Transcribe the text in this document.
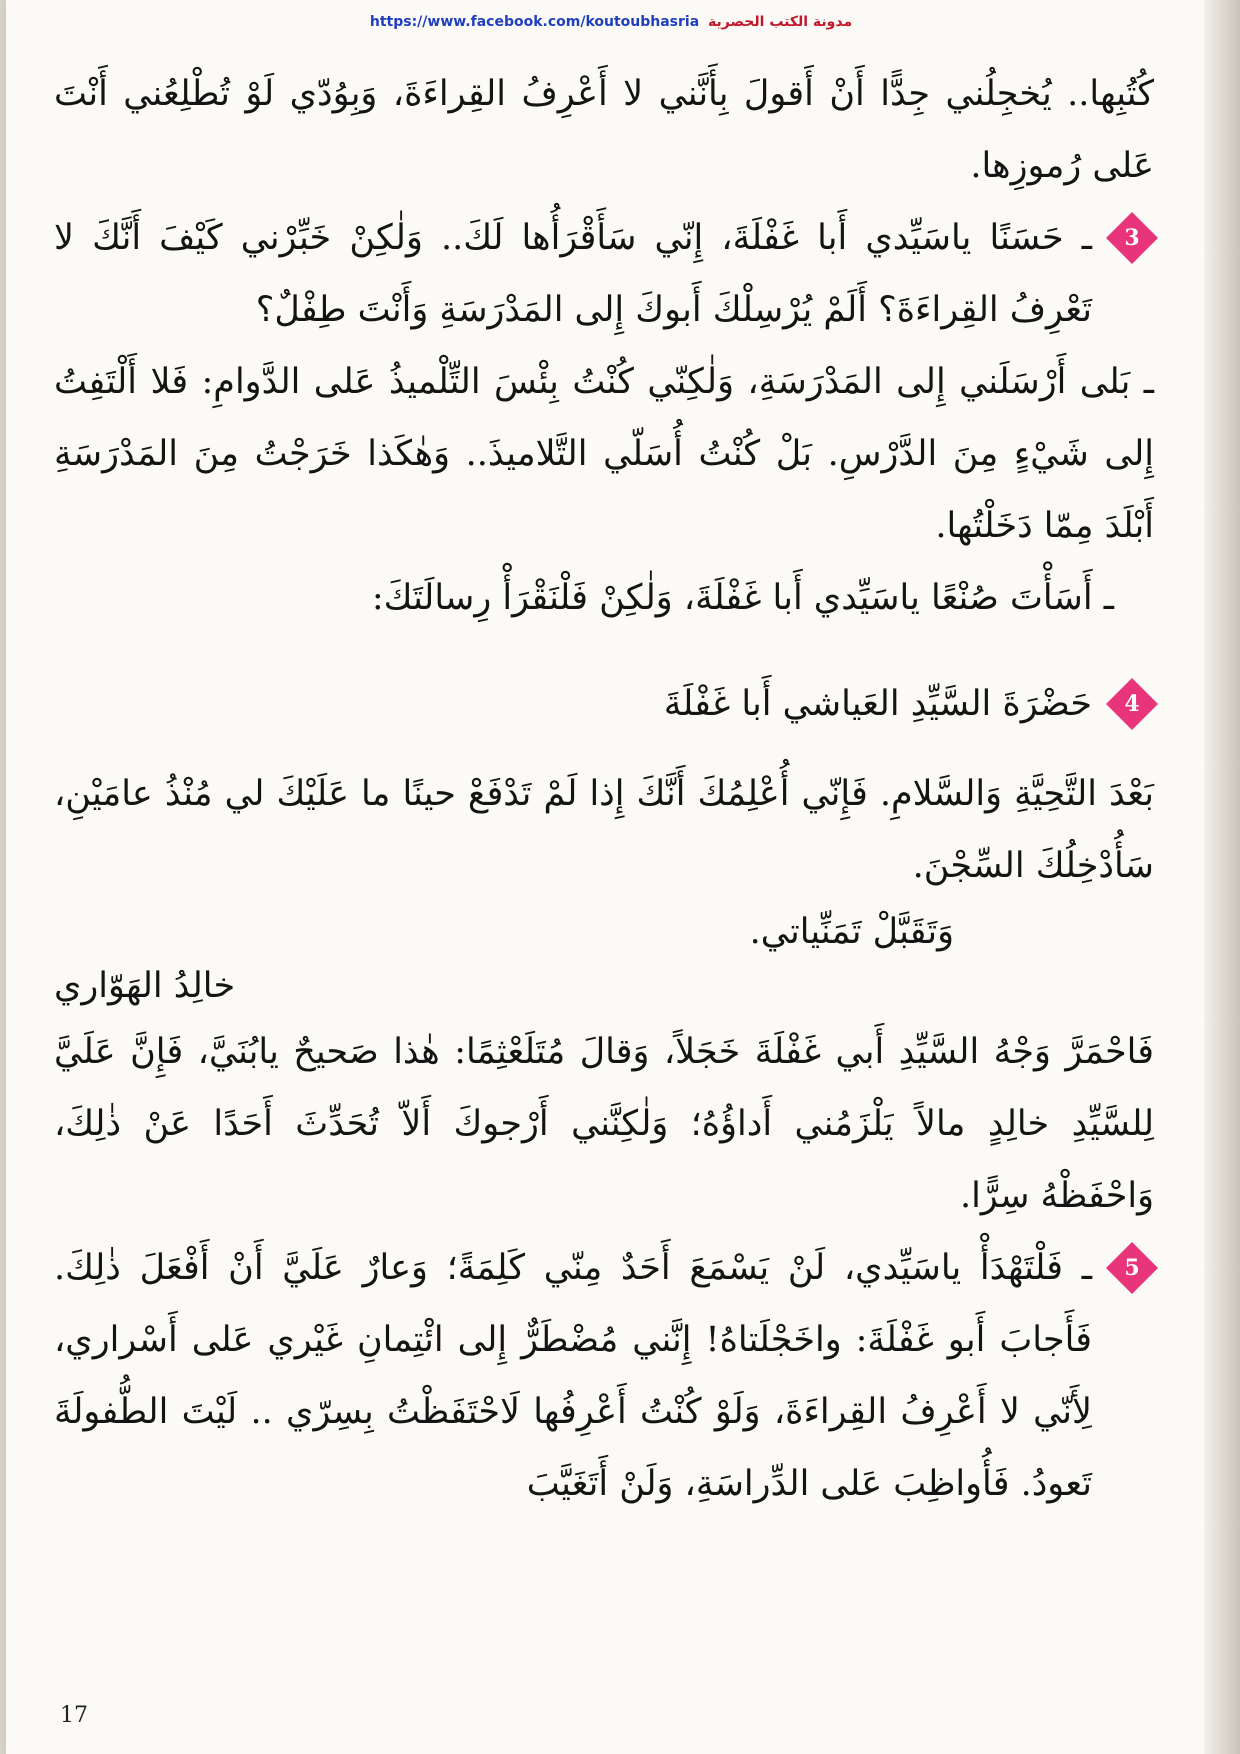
https://www.facebook.com/koutoubhasria مدونة الكتب الحصرية

كُتُبِها.. يُخجِلُني جِدًّا أَنْ أَقولَ بِأَنَّني لا أَعْرِفُ القِراءَةَ، وَبِوُدّي لَوْ تُطْلِعُني أَنْتَ عَلى رُموزِها.

3

ـ حَسَنًا ياسَيِّدي أَبا غَفْلَةَ، إِنّي سَأَقْرَأُها لَكَ.. وَلٰكِنْ خَبِّرْني كَيْفَ أَنَّكَ لا تَعْرِفُ القِراءَةَ؟ أَلَمْ يُرْسِلْكَ أَبوكَ إِلى المَدْرَسَةِ وَأَنْتَ طِفْلٌ؟

ـ بَلى أَرْسَلَني إِلى المَدْرَسَةِ، وَلٰكِنّي كُنْتُ بِئْسَ التِّلْميذُ عَلى الدَّوامِ: فَلا أَلْتَفِتُ إِلى شَيْءٍ مِنَ الدَّرْسِ. بَلْ كُنْتُ أُسَلّي التَّلاميذَ.. وَهٰكَذا خَرَجْتُ مِنَ المَدْرَسَةِ أَبْلَدَ مِمّا دَخَلْتُها.

ـ أَسَأْتَ صُنْعًا ياسَيِّدي أَبا غَفْلَةَ، وَلٰكِنْ فَلْنَقْرَأْ رِسالَتَكَ:

4

حَضْرَةَ السَّيِّدِ العَياشي أَبا غَفْلَةَ

بَعْدَ التَّحِيَّةِ وَالسَّلامِ. فَإِنّي أُعْلِمُكَ أَنَّكَ إِذا لَمْ تَدْفَعْ حينًا ما عَلَيْكَ لي مُنْذُ عامَيْنِ، سَأُدْخِلُكَ السِّجْنَ.

وَتَقَبَّلْ تَمَنِّياتي.

خالِدُ الهَوّاري

فَاحْمَرَّ وَجْهُ السَّيِّدِ أَبي غَفْلَةَ خَجَلاً، وَقالَ مُتَلَعْثِمًا: هٰذا صَحيحٌ يابُنَيَّ، فَإِنَّ عَلَيَّ لِلسَّيِّدِ خالِدٍ مالاً يَلْزَمُني أَداؤُهُ؛ وَلٰكِنَّني أَرْجوكَ أَلاّ تُحَدِّثَ أَحَدًا عَنْ ذٰلِكَ، وَاحْفَظْهُ سِرًّا.

5

ـ فَلْتَهْدَأْ ياسَيِّدي، لَنْ يَسْمَعَ أَحَدٌ مِنّي كَلِمَةً؛ وَعارٌ عَلَيَّ أَنْ أَفْعَلَ ذٰلِكَ. فَأَجابَ أَبو غَفْلَةَ: واخَجْلَتاهُ! إِنَّني مُضْطَرٌّ إِلى ائْتِمانِ غَيْري عَلى أَسْراري، لِأَنّي لا أَعْرِفُ القِراءَةَ، وَلَوْ كُنْتُ أَعْرِفُها لَاحْتَفَظْتُ بِسِرّي .. لَيْتَ الطُّفولَةَ تَعودُ. فَأُواظِبَ عَلى الدِّراسَةِ، وَلَنْ أَتَغَيَّبَ

17
